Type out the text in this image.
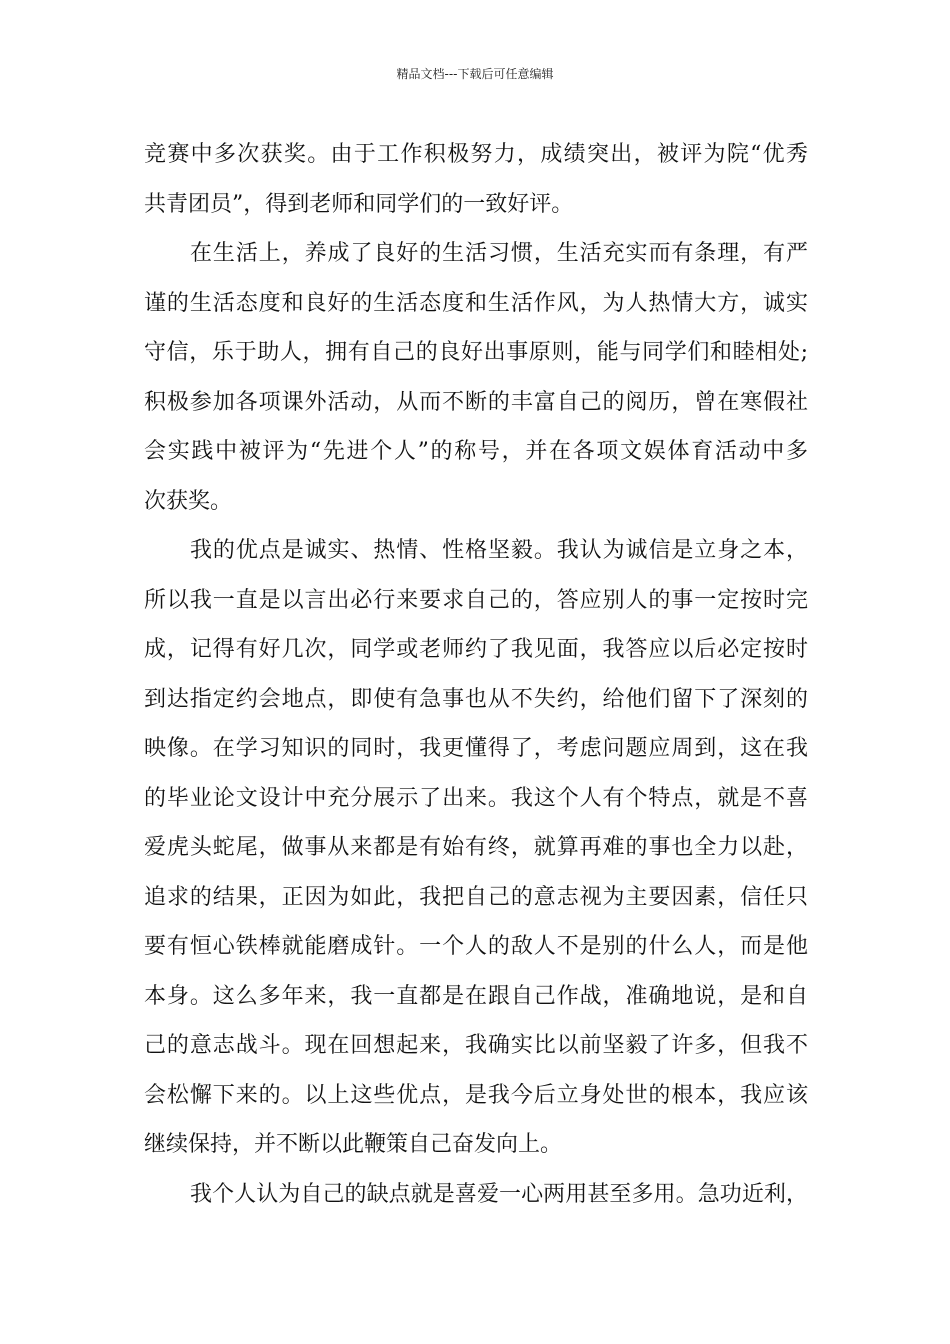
精品文档---下载后可任意编辑
竞赛中多次获奖。由于工作积极努力，成绩突出，被评为院“优秀
共青团员”，得到老师和同学们的一致好评。
在生活上，养成了良好的生活习惯，生活充实而有条理，有严
谨的生活态度和良好的生活态度和生活作风，为人热情大方，诚实
守信，乐于助人，拥有自己的良好出事原则，能与同学们和睦相处;
积极参加各项课外活动，从而不断的丰富自己的阅历，曾在寒假社
会实践中被评为“先进个人”的称号，并在各项文娱体育活动中多
次获奖。
我的优点是诚实、热情、性格坚毅。我认为诚信是立身之本，
所以我一直是以言出必行来要求自己的，答应别人的事一定按时完
成，记得有好几次，同学或老师约了我见面，我答应以后必定按时
到达指定约会地点，即使有急事也从不失约，给他们留下了深刻的
映像。在学习知识的同时，我更懂得了，考虑问题应周到，这在我
的毕业论文设计中充分展示了出来。我这个人有个特点，就是不喜
爱虎头蛇尾，做事从来都是有始有终，就算再难的事也全力以赴，
追求的结果，正因为如此，我把自己的意志视为主要因素，信任只
要有恒心铁棒就能磨成针。一个人的敌人不是别的什么人，而是他
本身。这么多年来，我一直都是在跟自己作战，准确地说，是和自
己的意志战斗。现在回想起来，我确实比以前坚毅了许多，但我不
会松懈下来的。以上这些优点，是我今后立身处世的根本，我应该
继续保持，并不断以此鞭策自己奋发向上。
我个人认为自己的缺点就是喜爱一心两用甚至多用。急功近利，
